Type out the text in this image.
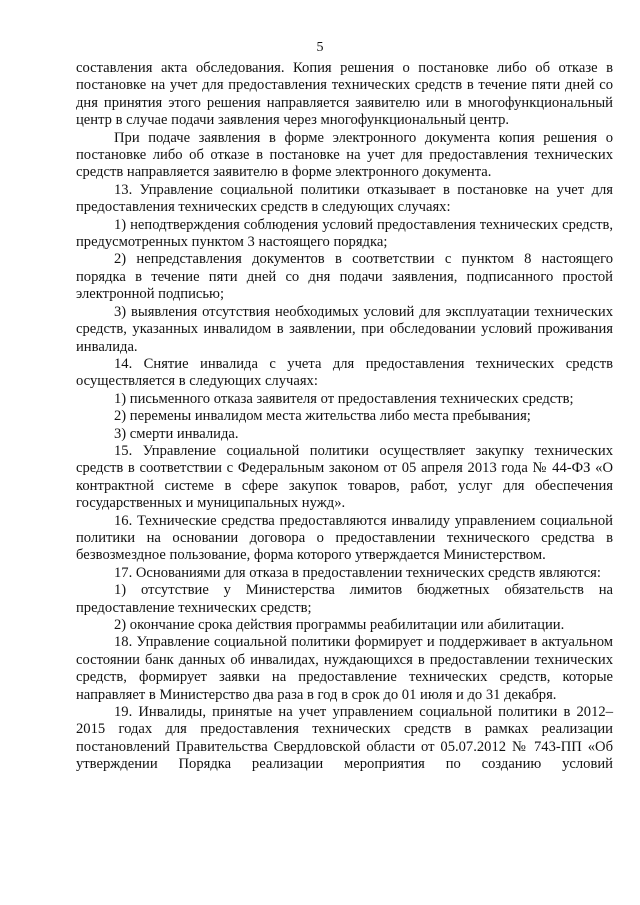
5

составления акта обследования. Копия решения о постановке либо об отказе в постановке на учет для предоставления технических средств в течение пяти дней со дня принятия этого решения направляется заявителю или в многофункциональный центр в случае подачи заявления через многофункциональный центр.

При подаче заявления в форме электронного документа копия решения о постановке либо об отказе в постановке на учет для предоставления технических средств направляется заявителю в форме электронного документа.

13. Управление социальной политики отказывает в постановке на учет для предоставления технических средств в следующих случаях:

1) неподтверждения соблюдения условий предоставления технических средств, предусмотренных пунктом 3 настоящего порядка;

2) непредставления документов в соответствии с пунктом 8 настоящего порядка в течение пяти дней со дня подачи заявления, подписанного простой электронной подписью;

3) выявления отсутствия необходимых условий для эксплуатации технических средств, указанных инвалидом в заявлении, при обследовании условий проживания инвалида.

14. Снятие инвалида с учета для предоставления технических средств осуществляется в следующих случаях:

1) письменного отказа заявителя от предоставления технических средств;

2) перемены инвалидом места жительства либо места пребывания;

3) смерти инвалида.

15. Управление социальной политики осуществляет закупку технических средств в соответствии с Федеральным законом от 05 апреля 2013 года № 44-ФЗ «О контрактной системе в сфере закупок товаров, работ, услуг для обеспечения государственных и муниципальных нужд».

16. Технические средства предоставляются инвалиду управлением социальной политики на основании договора о предоставлении технического средства в безвозмездное пользование, форма которого утверждается Министерством.

17. Основаниями для отказа в предоставлении технических средств являются:

1) отсутствие у Министерства лимитов бюджетных обязательств на предоставление технических средств;

2) окончание срока действия программы реабилитации или абилитации.

18. Управление социальной политики формирует и поддерживает в актуальном состоянии банк данных об инвалидах, нуждающихся в предоставлении технических средств, формирует заявки на предоставление технических средств, которые направляет в Министерство два раза в год в срок до 01 июля и до 31 декабря.

19. Инвалиды, принятые на учет управлением социальной политики в 2012–2015 годах для предоставления технических средств в рамках реализации постановлений Правительства Свердловской области от 05.07.2012 № 743-ПП «Об утверждении Порядка реализации мероприятия по созданию условий
